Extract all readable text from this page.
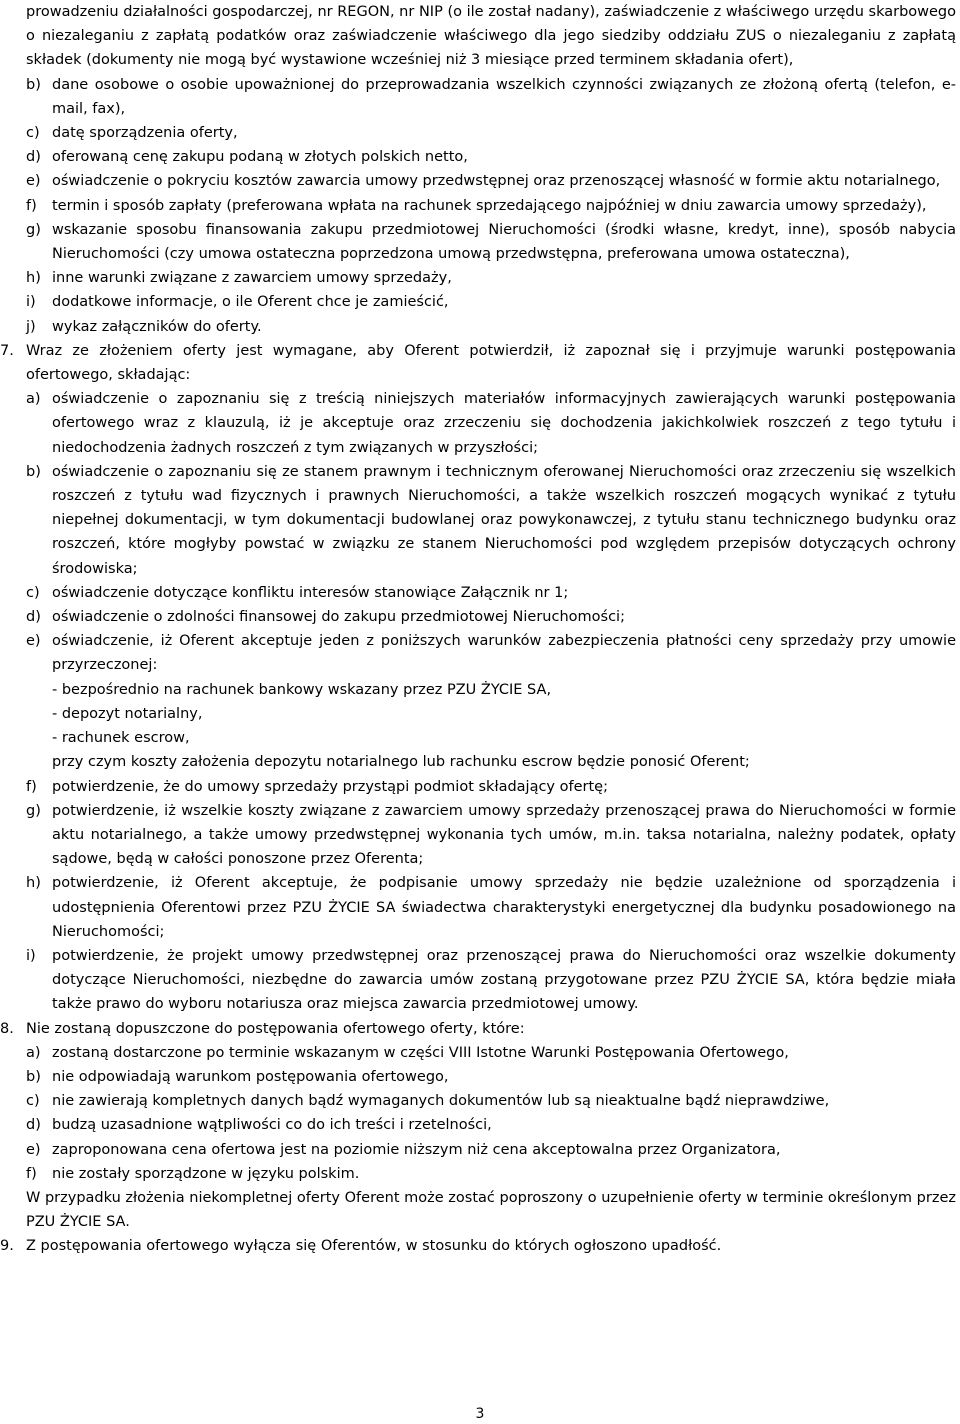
prowadzeniu działalności gospodarczej, nr REGON, nr NIP (o ile został nadany), zaświadczenie z właściwego urzędu skarbowego o niezaleganiu z zapłatą podatków oraz zaświadczenie właściwego dla jego siedziby oddziału ZUS o niezaleganiu z zapłatą składek (dokumenty nie mogą być wystawione wcześniej niż 3 miesiące przed terminem składania ofert),

b) dane osobowe o osobie upoważnionej do przeprowadzania wszelkich czynności związanych ze złożoną ofertą (telefon, e-mail, fax),
c) datę sporządzenia oferty,
d) oferowaną cenę zakupu podaną w złotych polskich netto,
e) oświadczenie o pokryciu kosztów zawarcia umowy przedwstępnej oraz przenoszącej własność w formie aktu notarialnego,
f)	termin i sposób zapłaty (preferowana wpłata na rachunek sprzedającego najpóźniej w dniu zawarcia umowy sprzedaży),
g) wskazanie sposobu finansowania zakupu przedmiotowej Nieruchomości (środki własne, kredyt, inne), sposób nabycia Nieruchomości (czy umowa ostateczna poprzedzona umową przedwstępna, preferowana umowa ostateczna),
h) inne warunki związane z zawarciem umowy sprzedaży,
i)	dodatkowe informacje, o ile Oferent chce je zamieścić,
j)	wykaz załączników do oferty.
7. Wraz ze złożeniem oferty jest wymagane, aby Oferent potwierdził, iż zapoznał się i przyjmuje warunki postępowania ofertowego, składając:
a) oświadczenie o zapoznaniu się z treścią niniejszych materiałów informacyjnych zawierających warunki postępowania ofertowego wraz z klauzulą, iż je akceptuje oraz zrzeczeniu się dochodzenia jakichkolwiek roszczeń z tego tytułu i niedochodzenia żadnych roszczeń z tym związanych w przyszłości;
b) oświadczenie o zapoznaniu się ze stanem prawnym i technicznym oferowanej Nieruchomości oraz zrzeczeniu się wszelkich roszczeń z tytułu wad fizycznych i prawnych Nieruchomości, a także wszelkich roszczeń mogących wynikać z tytułu niepełnej dokumentacji, w tym dokumentacji budowlanej oraz powykonawczej, z tytułu stanu technicznego budynku oraz roszczeń, które mogłyby powstać w związku ze stanem Nieruchomości pod względem przepisów dotyczących ochrony środowiska;
c) oświadczenie dotyczące konfliktu interesów stanowiące Załącznik nr 1;
d) oświadczenie o zdolności finansowej do zakupu przedmiotowej Nieruchomości;
e) oświadczenie, iż Oferent akceptuje jeden z poniższych warunków zabezpieczenia płatności ceny sprzedaży przy umowie przyrzeczonej:
- bezpośrednio na rachunek bankowy wskazany przez PZU ŻYCIE SA,
- depozyt notarialny,
- rachunek escrow,
przy czym koszty założenia depozytu notarialnego lub rachunku escrow będzie ponosić Oferent;
f)	potwierdzenie, że do umowy sprzedaży przystąpi podmiot składający ofertę;
g) potwierdzenie, iż wszelkie koszty związane z zawarciem umowy sprzedaży przenoszącej prawa do Nieruchomości w formie aktu notarialnego, a także umowy przedwstępnej wykonania tych umów, m.in. taksa notarialna, należny podatek, opłaty sądowe, będą w całości ponoszone przez Oferenta;
h) potwierdzenie, iż Oferent akceptuje, że podpisanie umowy sprzedaży nie będzie uzależnione od sporządzenia i udostępnienia Oferentowi przez PZU ŻYCIE SA świadectwa charakterystyki energetycznej dla budynku posadowionego na Nieruchomości;
i)	potwierdzenie, że projekt umowy przedwstępnej oraz przenoszącej prawa do Nieruchomości oraz wszelkie dokumenty dotyczące Nieruchomości, niezbędne do zawarcia umów zostaną przygotowane przez PZU ŻYCIE SA, która będzie miała także prawo do wyboru notariusza oraz miejsca zawarcia przedmiotowej umowy.
8. Nie zostaną dopuszczone do postępowania ofertowego oferty, które:
a) zostaną dostarczone po terminie wskazanym w części VIII Istotne Warunki Postępowania Ofertowego,
b) nie odpowiadają warunkom postępowania ofertowego,
c) nie zawierają kompletnych danych bądź wymaganych dokumentów lub są nieaktualne bądź nieprawdziwe,
d) budzą uzasadnione wątpliwości co do ich treści i rzetelności,
e) zaproponowana cena ofertowa jest na poziomie niższym niż cena akceptowalna przez Organizatora,
f)	nie zostały sporządzone w języku polskim.

W przypadku złożenia niekompletnej oferty Oferent może zostać poproszony o uzupełnienie oferty w terminie określonym przez PZU ŻYCIE SA.

9. Z postępowania ofertowego wyłącza się Oferentów, w stosunku do których ogłoszono upadłość.
3
